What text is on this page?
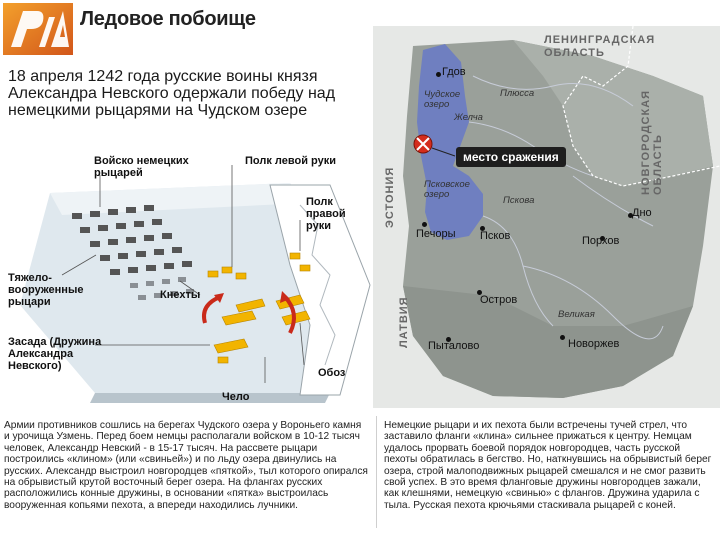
Ледовое побоище
18 апреля 1242 года русские воины князя Александра Невского одержали победу над немецкими рыцарями на Чудском озере
Войско немецких рыцарей
Полк левой руки
Полк правой руки
Тяжело-вооруженные рыцари
Кнехты
Засада (Дружина Александра Невского)
Обоз
Чело
место сражения
ЛЕНИНГРАДСКАЯ ОБЛАСТЬ
НОВГОРОДСКАЯ ОБЛАСТЬ
ЭСТОНИЯ
ЛАТВИЯ
Чудское озеро
Желча
Псковское озеро
Плюсса
Пскова
Великая
Гдов
Дно
Печоры Псков	Порхов
Остров
Пыталово	Новоржев
Армии противников сошлись на берегах Чудского озера у Вороньего камня и урочища Узмень. Перед боем немцы располагали войском в 10-12 тысяч человек, Александр Невский - в 15-17 тысяч. На рассвете рыцари построились «клином» (или «свиньей») и по льду озера двинулись на русских. Александр выстроил новгородцев «пяткой», тыл которого опирался на обрывистый крутой восточный берег озера. На флангах русских расположились конные дружины, в основании «пятка» выстроилась вооруженная копьями пехота, а впереди находились лучники.
Немецкие рыцари и их пехота были встречены тучей стрел, что заставило фланги «клина» сильнее прижаться к центру. Немцам удалось прорвать боевой порядок новгородцев, часть русской пехоты обратилась в бегство. Но, наткнувшись на обрывистый берег озера, строй малоподвижных рыцарей смешался и не смог развить свой успех. В это время фланговые дружины новгородцев зажали, как клешнями, немецкую «свинью» с флангов. Дружина ударила с тыла. Русская пехота крючьями стаскивала рыцарей с коней.
